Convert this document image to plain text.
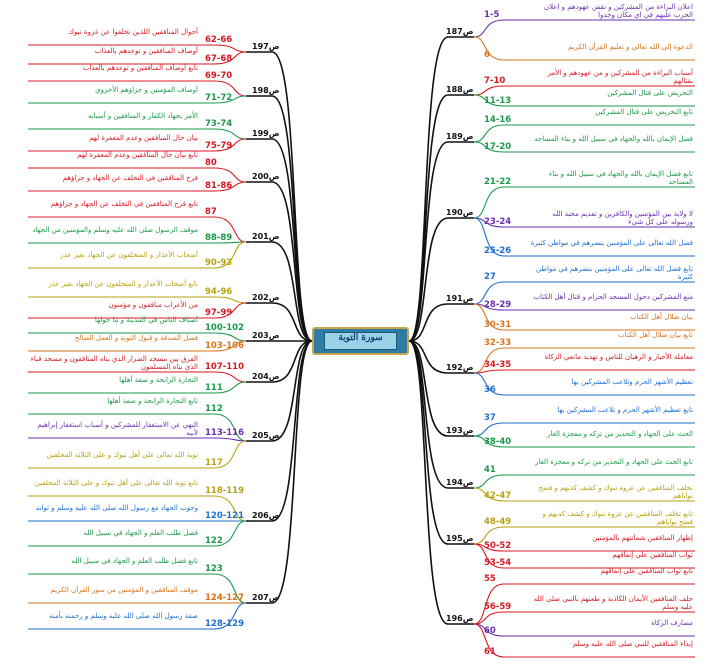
ص197
62-66
أحوال المنافقين اللذين تخلفوا عن غزوة تبوك
67-68
أوصاف المنافقين و توعدهم بالعذاب
ص198
69-70
تابع أوصاف المنافقين و توعدهم بالعذاب
71-72
أوصاف المؤمنين و جزاؤهم الأخروي
ص199
73-74
الأمر بجهاد الكفار و المنافقين و أسبابه
75-79
بيان حال المنافقين وعدم المغفرة لهم
ص200
80
تابع بيان حال المنافقين وعدم المغفرة لهم
81-86
فرح المنافقين في التخلف عن الجهاد و جزاؤهم
ص201
87
تابع فرح المنافقين في التخلف عن الجهاد و جزاؤهم
88-89
موقف الرسول صلى الله عليه وسلم والمؤمنين من الجهاد
90-93
أصحاب الأعذار و المتخلفون عن الجهاد بغير عذر
ص202
94-96
تابع أصحاب الأعذار و المتخلفون عن الجهاد بغير عذر
97-99
من الأعراب منافقون و مؤمنون
ص203
100-102
أصناف الناس في المدينة و ما حولها
103-106
فضل الصدقة و قبول التوبة و العمل الصالح
ص204
107-110
الفرق بين مسجد الضرار الذي بناه المنافقون و مسجد قباء الذي بناه المسلمون
111
التجارة الرابحة و صفة أهلها
ص205
112
تابع التجارة الرابحة و صفة أهلها
113-116
النهي عن الاستغفار للمشركين و أسباب استغفار إبراهيم لأبيه
117
توبة الله تعالى على أهل تبوك و على الثلاثة المخلفين
ص206
118-119
تابع توبة الله تعالى على أهل تبوك و على الثلاثة المخلفين
120-121
وجوب الجهاد مع رسول الله صلى الله عليه وسلم و ثوابه
122
فضل طلب العلم و الجهاد في سبيل الله
ص207
123
تابع فضل طلب العلم و الجهاد في سبيل الله
124-127
موقف المنافقين و المؤمنين من سور القرآن الكريم
128-129
صفة رسول الله صلى الله عليه وسلم و رحمته بأمته
ص187
1-5
اعلان البراءة من المشركين و نقض عهودهم و اعلان الحرب عليهم في اي مكان وجدوا
6
الدعوة إلى الله تعالى و تعليم القرآن الكريم
ص188
7-10
أسباب البراءة من المشركين و من عهودهم و الأمر بقتالهم
11-13
التحريض على قتال المشركين
ص189
14-16
تابع التحريض على قتال المشركين
17-20
فضل الإيمان بالله والجهاد في سبيل الله و بناء المساجد
ص190
21-22
تابع فضل الإيمان بالله والجهاد في سبيل الله و بناء المساجد
23-24
لا ولاية بين المؤمنين والكافرين و تقديم محبة الله ورسوله على كل شيء
25-26
فضل الله تعالى على المؤمنين بنصرهم في مواطن كثيرة
ص191
27
تابع فضل الله تعالى على المؤمنين بنصرهم في مواطن كثيرة
28-29
منع المشركين دخول المسجد الحرام و قتال أهل الكتاب
30-31
بيان ضلال أهل الكتاب
ص192
32-33
تابع بيان ضلال أهل الكتاب
34-35
معاملة الأحبار و الرهبان للناس و تهديد مانعي الزكاة
36
تعظيم الأشهر الحرم وتلاعب المشركين بها
ص193
37
تابع تعظيم الأشهر الحرم و تلاعب المشركين بها
38-40
الحث على الجهاد و التحذير من تركه و معجزة الغار
ص194
41
تابع الحث على الجهاد و التحذير من تركه و معجزة الغار
42-47
تخلف المنافقين عن غزوة تبوك و كشف كذبهم و فضح نواياهم
ص195
48-49
تابع تخلف المنافقين عن غزوة تبوك و كشف كذبهم و فضح نواياهم
50-52
إظهار المنافقين شماتتهم بالمؤمنين
53-54
ثواب المنافقين على إنفاقهم
ص196
55
تابع ثواب المنافقين على إنفاقهم
56-59
حلف المنافقين الأيمان الكاذبة و طعنهم بالنبي صلى الله عليه وسلم
60
مصارف الزكاة
61
إيذاء المنافقين للنبي صلى الله عليه وسلم
سورة التوبة
